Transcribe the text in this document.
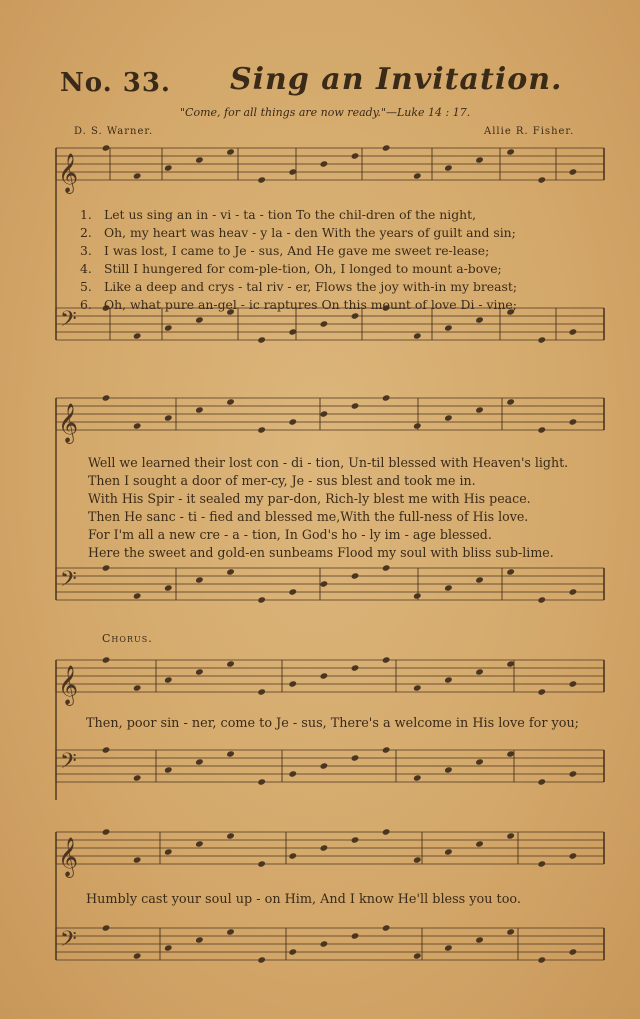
No. 33. Sing an Invitation.
"Come, for all things are now ready."—Luke 14 : 17.
D. S. Warner.	Allie R. Fisher.
𝄞
𝄢
𝄞
𝄢
𝄞
𝄢
𝄞
𝄢
1. Let us sing an in - vi - ta - tion To the chil-dren of the night,
2. Oh, my heart was heav - y la - den With the years of guilt and sin;
3. I was lost, I came to Je - sus, And He gave me sweet re-lease;
4. Still I hungered for com-ple-tion, Oh, I longed to mount a-bove;
5. Like a deep and crys - tal riv - er, Flows the joy with-in my breast;
6. Oh, what pure an-gel - ic raptures On this mount of love Di - vine;
Well we learned their lost con - di - tion, Un-til blessed with Heaven's light.
Then I sought a door of mer-cy, Je - sus blest and took me in.
With His Spir - it sealed my par-don, Rich-ly blest me with His peace.
Then He sanc - ti - fied and blessed me,With the full-ness of His love.
For I'm all a new cre - a - tion, In God's ho - ly im - age blessed.
Here the sweet and gold-en sunbeams Flood my soul with bliss sub-lime.
Chorus.
Then, poor sin - ner, come to Je - sus, There's a welcome in His love for you;
Humbly cast your soul up - on Him, And I know He'll bless you too.
